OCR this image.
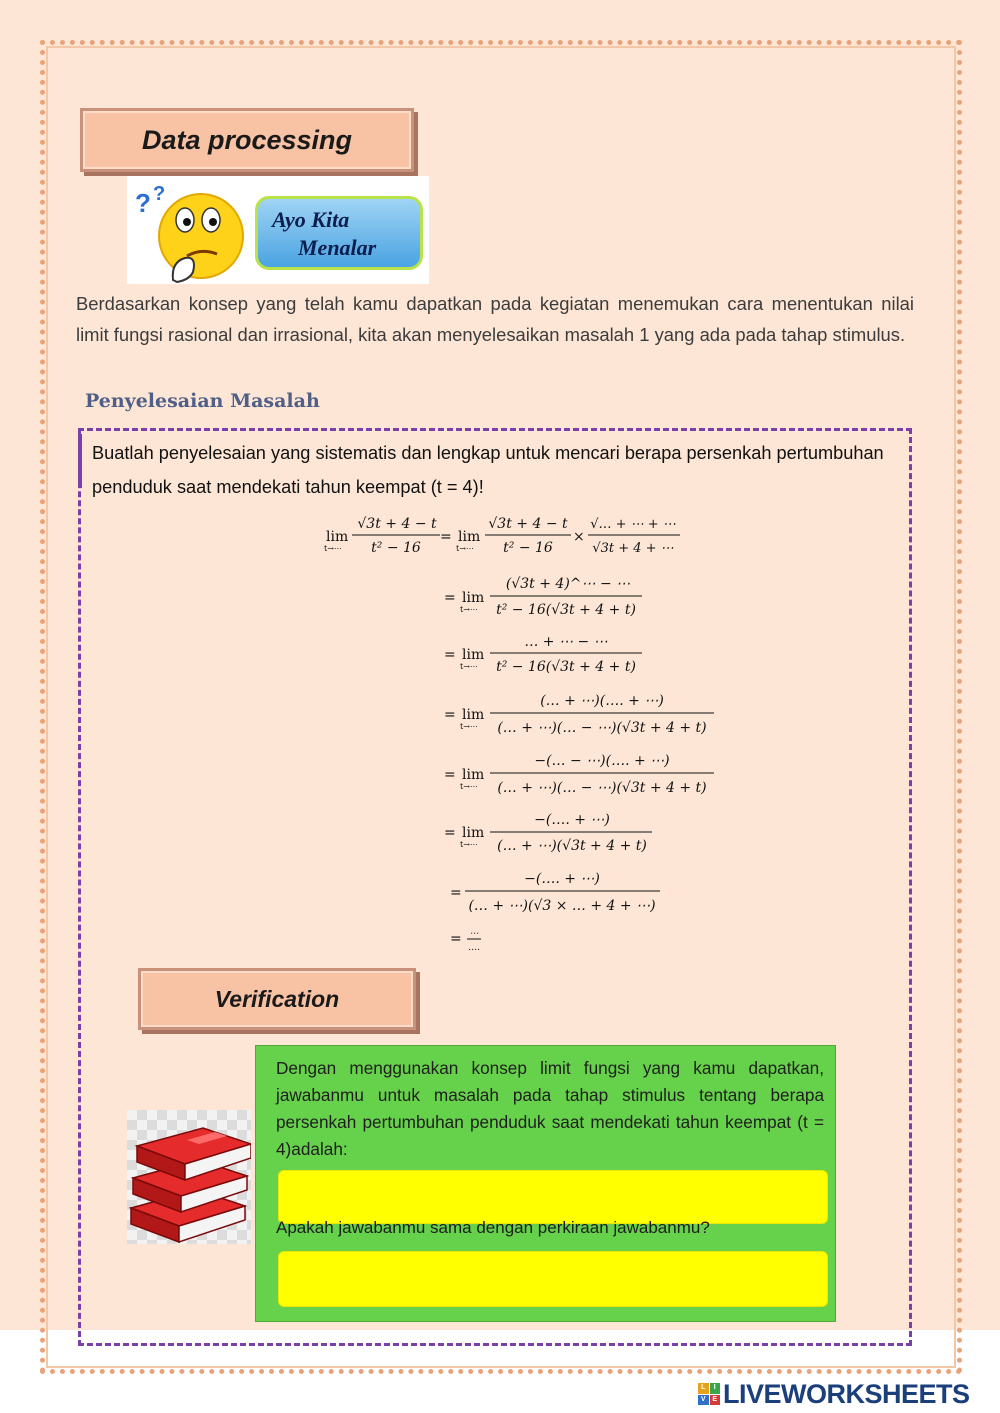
Data processing
? ?
Ayo Kita
Menalar
Berdasarkan konsep yang telah kamu dapatkan pada kegiatan menemukan cara menentukan nilai limit fungsi rasional dan irrasional, kita akan menyelesaikan masalah 1 yang ada pada tahap stimulus.
Penyelesaian Masalah
Buatlah penyelesaian yang sistematis dan lengkap untuk mencari berapa persenkah pertumbuhan penduduk saat mendekati tahun keempat (t = 4)!
lim
t→⋯
√3t + 4 − t
t² − 16
= lim
t→⋯
√3t + 4 − t
t² − 16
×
√… + ⋯ + ⋯
√3t + 4 + ⋯
= lim
t→⋯
(√3t + 4)^⋯ − ⋯
t² − 16(√3t + 4 + t)
= lim
t→⋯
… + ⋯ − ⋯
t² − 16(√3t + 4 + t)
= lim
t→⋯
(… + ⋯)(…. + ⋯)
(… + ⋯)(… − ⋯)(√3t + 4 + t)
= lim
t→⋯
−(… − ⋯)(…. + ⋯)
(… + ⋯)(… − ⋯)(√3t + 4 + t)
= lim
t→⋯
−(…. + ⋯)
(… + ⋯)(√3t + 4 + t)
=
−(…. + ⋯)
(… + ⋯)(√3 × … + 4 + ⋯)
= ⋯
….
Verification
Dengan menggunakan konsep limit fungsi yang kamu dapatkan, jawabanmu untuk masalah pada tahap stimulus tentang berapa persenkah pertumbuhan penduduk saat mendekati tahun keempat (t = 4)adalah:
Apakah jawabanmu sama dengan perkiraan jawabanmu?
L	I
V E LIVEWORKSHEETS
